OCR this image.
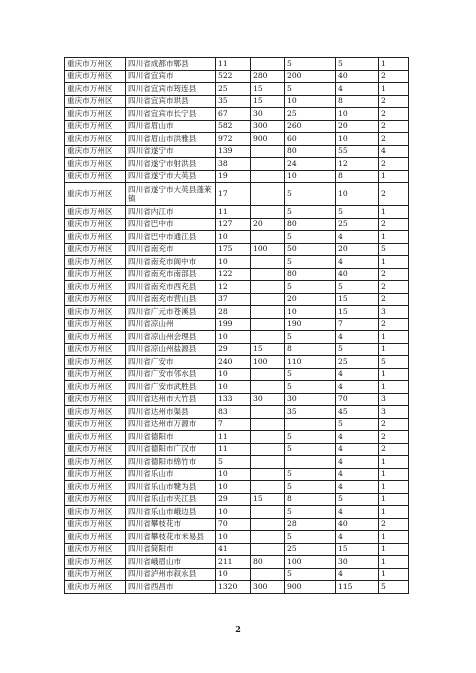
重庆市万州区	四川省成都市郫县	11		5	5	1
重庆市万州区	四川省宜宾市	522	280	200	40	2
重庆市万州区	四川省宜宾市筠连县	25	15	5	4	1
重庆市万州区	四川省宜宾市珙县	35	15	10	8	2
重庆市万州区	四川省宜宾市长宁县	67	30	25	10	2
重庆市万州区	四川省眉山市	582	300	260	20	2
重庆市万州区	四川省眉山市洪雅县	972	900	60	10	2
重庆市万州区	四川省遂宁市	139		80	55	4
重庆市万州区	四川省遂宁市射洪县	38		24	12	2
重庆市万州区	四川省遂宁市大英县	19		10	8	1
重庆市万州区	四川省遂宁市大英县蓬莱镇	17		5	10	2
重庆市万州区	四川省内江市	11		5	5	1
重庆市万州区	四川省巴中市	127	20	80	25	2
重庆市万州区	四川省巴中市通江县	10		5	4	1
重庆市万州区	四川省南充市	175	100	50	20	5
重庆市万州区	四川省南充市阆中市	10		5	4	1
重庆市万州区	四川省南充市南部县	122		80	40	2
重庆市万州区	四川省南充市西充县	12		5	5	2
重庆市万州区	四川省南充市营山县	37		20	15	2
重庆市万州区	四川省广元市苍溪县	28		10	15	3
重庆市万州区	四川省凉山州	199		190	7	2
重庆市万州区	四川省凉山州会理县	10		5	4	1
重庆市万州区	四川省凉山州盐源县	29	15	8	5	1
重庆市万州区	四川省广安市	240	100	110	25	5
重庆市万州区	四川省广安市邻水县	10		5	4	1
重庆市万州区	四川省广安市武胜县	10		5	4	1
重庆市万州区	四川省达州市大竹县	133	30	30	70	3
重庆市万州区	四川省达州市渠县	83		35	45	3
重庆市万州区	四川省达州市万源市	7			5	2
重庆市万州区	四川省德阳市	11		5	4	2
重庆市万州区	四川省德阳市广汉市	11		5	4	2
重庆市万州区	四川省德阳市绵竹市	5			4	1
重庆市万州区	四川省乐山市	10		5	4	1
重庆市万州区	四川省乐山市犍为县	10		5	4	1
重庆市万州区	四川省乐山市夹江县	29	15	8	5	1
重庆市万州区	四川省乐山市峨边县	10		5	4	1
重庆市万州区	四川省攀枝花市	70		28	40	2
重庆市万州区	四川省攀枝花市米易县	10		5	4	1
重庆市万州区	四川省简阳市	41		25	15	1
重庆市万州区	四川省峨眉山市	211	80	100	30	1
重庆市万州区	四川省泸州市叙永县	10		5	4	1
重庆市万州区	四川省西昌市	1320	300	900	115	5
2
